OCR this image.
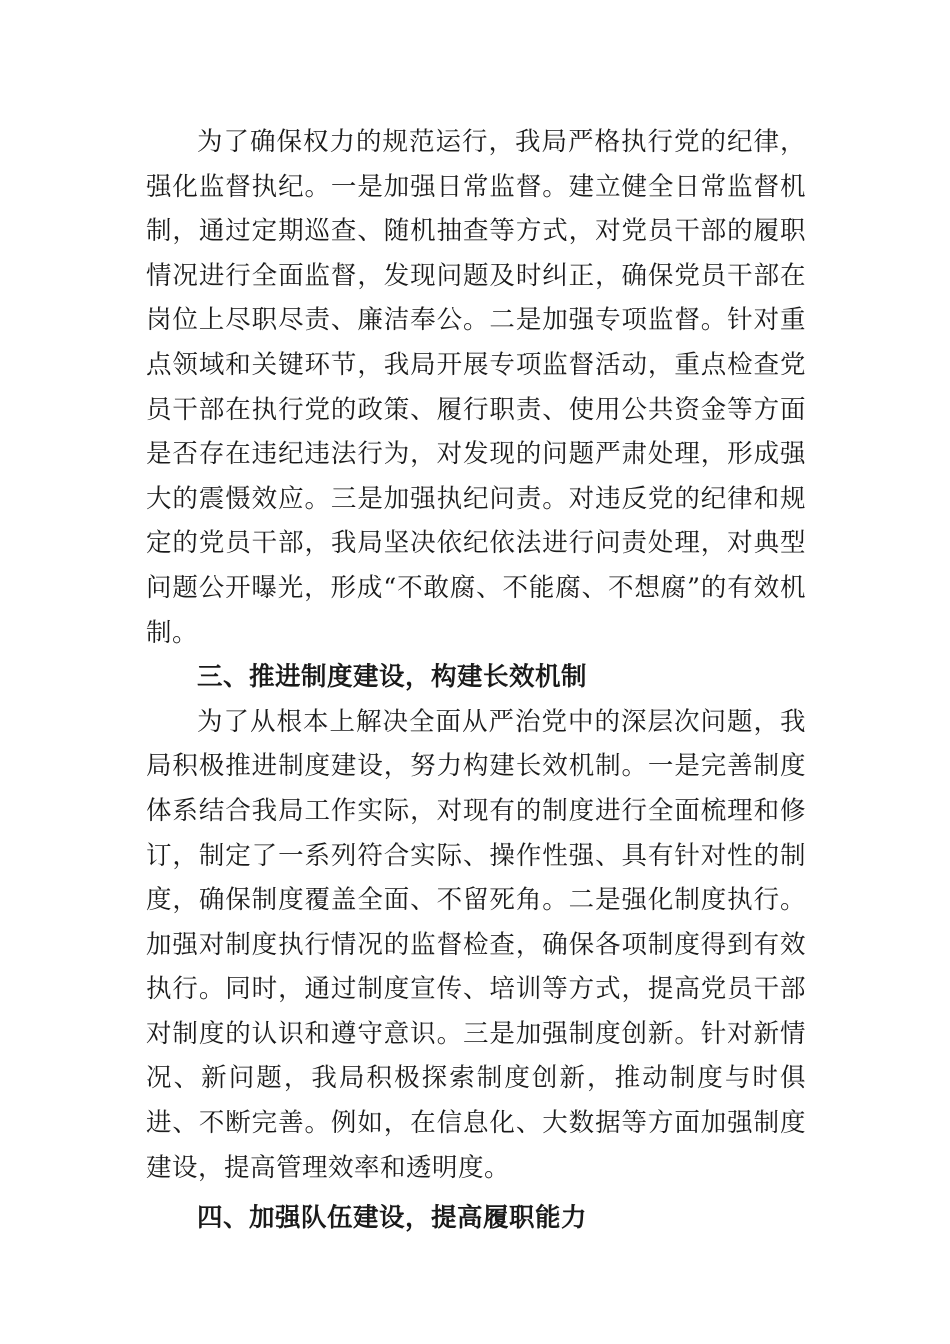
为了确保权力的规范运行，我局严格执行党的纪律，强化监督执纪。一是加强日常监督。建立健全日常监督机制，通过定期巡查、随机抽查等方式，对党员干部的履职情况进行全面监督，发现问题及时纠正，确保党员干部在岗位上尽职尽责、廉洁奉公。二是加强专项监督。针对重点领域和关键环节，我局开展专项监督活动，重点检查党员干部在执行党的政策、履行职责、使用公共资金等方面是否存在违纪违法行为，对发现的问题严肃处理，形成强大的震慑效应。三是加强执纪问责。对违反党的纪律和规定的党员干部，我局坚决依纪依法进行问责处理，对典型问题公开曝光，形成“不敢腐、不能腐、不想腐”的有效机制。

三、推进制度建设，构建长效机制

为了从根本上解决全面从严治党中的深层次问题，我局积极推进制度建设，努力构建长效机制。一是完善制度体系结合我局工作实际，对现有的制度进行全面梳理和修订，制定了一系列符合实际、操作性强、具有针对性的制度，确保制度覆盖全面、不留死角。二是强化制度执行。加强对制度执行情况的监督检查，确保各项制度得到有效执行。同时，通过制度宣传、培训等方式，提高党员干部对制度的认识和遵守意识。三是加强制度创新。针对新情况、新问题，我局积极探索制度创新，推动制度与时俱进、不断完善。例如，在信息化、大数据等方面加强制度建设，提高管理效率和透明度。

四、加强队伍建设，提高履职能力
